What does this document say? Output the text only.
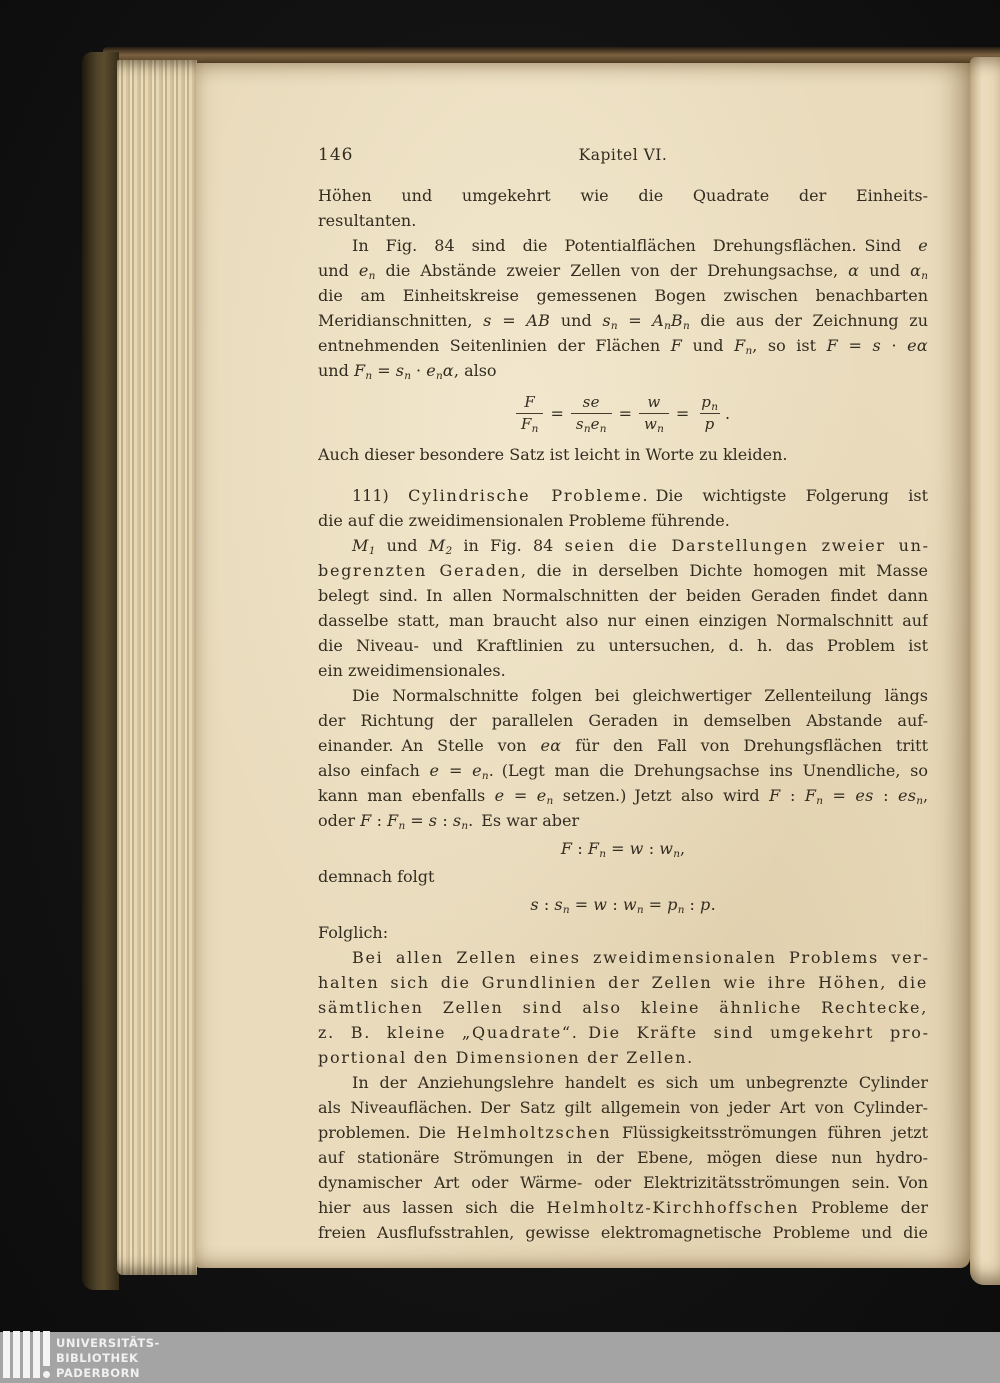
146	Kapitel VI.
Höhen und umgekehrt wie die Quadrate der Einheits-
resultanten.
In Fig. 84 sind die Potentialflächen Drehungsflächen. Sind e
und $e_n$ die Abstände zweier Zellen von der Drehungsachse, α und $\alpha_n$
die am Einheitskreise gemessenen Bogen zwischen benachbarten
Meridianschnitten, s = AB und $s_n = A_nB_n$ die aus der Zeichnung zu
entnehmenden Seitenlinien der Flächen F und $F_n$, so ist F = s · eα
und $F_n = s_n \cdot e_n\alpha$, also
$\frac{F}{F_n} = \frac{se}{s_ne_n} = \frac{w}{w_n} = \frac{p_n}{p}$ .
Auch dieser besondere Satz ist leicht in Worte zu kleiden.
111) Cylindrische Probleme. Die wichtigste Folgerung ist
die auf die zweidimensionalen Probleme führende.
$M_1$ und $M_2$ in Fig. 84 seien die Darstellungen zweier un-
begrenzten Geraden, die in derselben Dichte homogen mit Masse
belegt sind. In allen Normalschnitten der beiden Geraden findet dann
dasselbe statt, man braucht also nur einen einzigen Normalschnitt auf
die Niveau- und Kraftlinien zu untersuchen, d. h. das Problem ist
ein zweidimensionales.
Die Normalschnitte folgen bei gleichwertiger Zellenteilung längs
der Richtung der parallelen Geraden in demselben Abstande auf-
einander. An Stelle von eα für den Fall von Drehungsflächen tritt
also einfach $e = e_n$. (Legt man die Drehungsachse ins Unendliche, so
kann man ebenfalls $e = e_n$ setzen.) Jetzt also wird F : $F_n$ = es : $es_n$,
oder F : $F_n = s$ : $s_n$. Es war aber
F : $F_n = w$ : $w_n$,
demnach folgt
s : $s_n = w$ : $w_n = p_n$ : p.
Folglich:
Bei allen Zellen eines zweidimensionalen Problems ver-
halten sich die Grundlinien der Zellen wie ihre Höhen, die
sämtlichen Zellen sind also kleine ähnliche Rechtecke,
z. B. kleine „Quadrate“. Die Kräfte sind umgekehrt pro-
portional den Dimensionen der Zellen.
In der Anziehungslehre handelt es sich um unbegrenzte Cylinder
als Niveauflächen. Der Satz gilt allgemein von jeder Art von Cylinder-
problemen. Die Helmholtzschen Flüssigkeitsströmungen führen jetzt
auf stationäre Strömungen in der Ebene, mögen diese nun hydro-
dynamischer Art oder Wärme- oder Elektrizitätsströmungen sein. Von
hier aus lassen sich die Helmholtz-Kirchhoffschen Probleme der
freien Ausflufsstrahlen, gewisse elektromagnetische Probleme und die
UNIVERSITÄTS-
BIBLIOTHEK
PADERBORN
